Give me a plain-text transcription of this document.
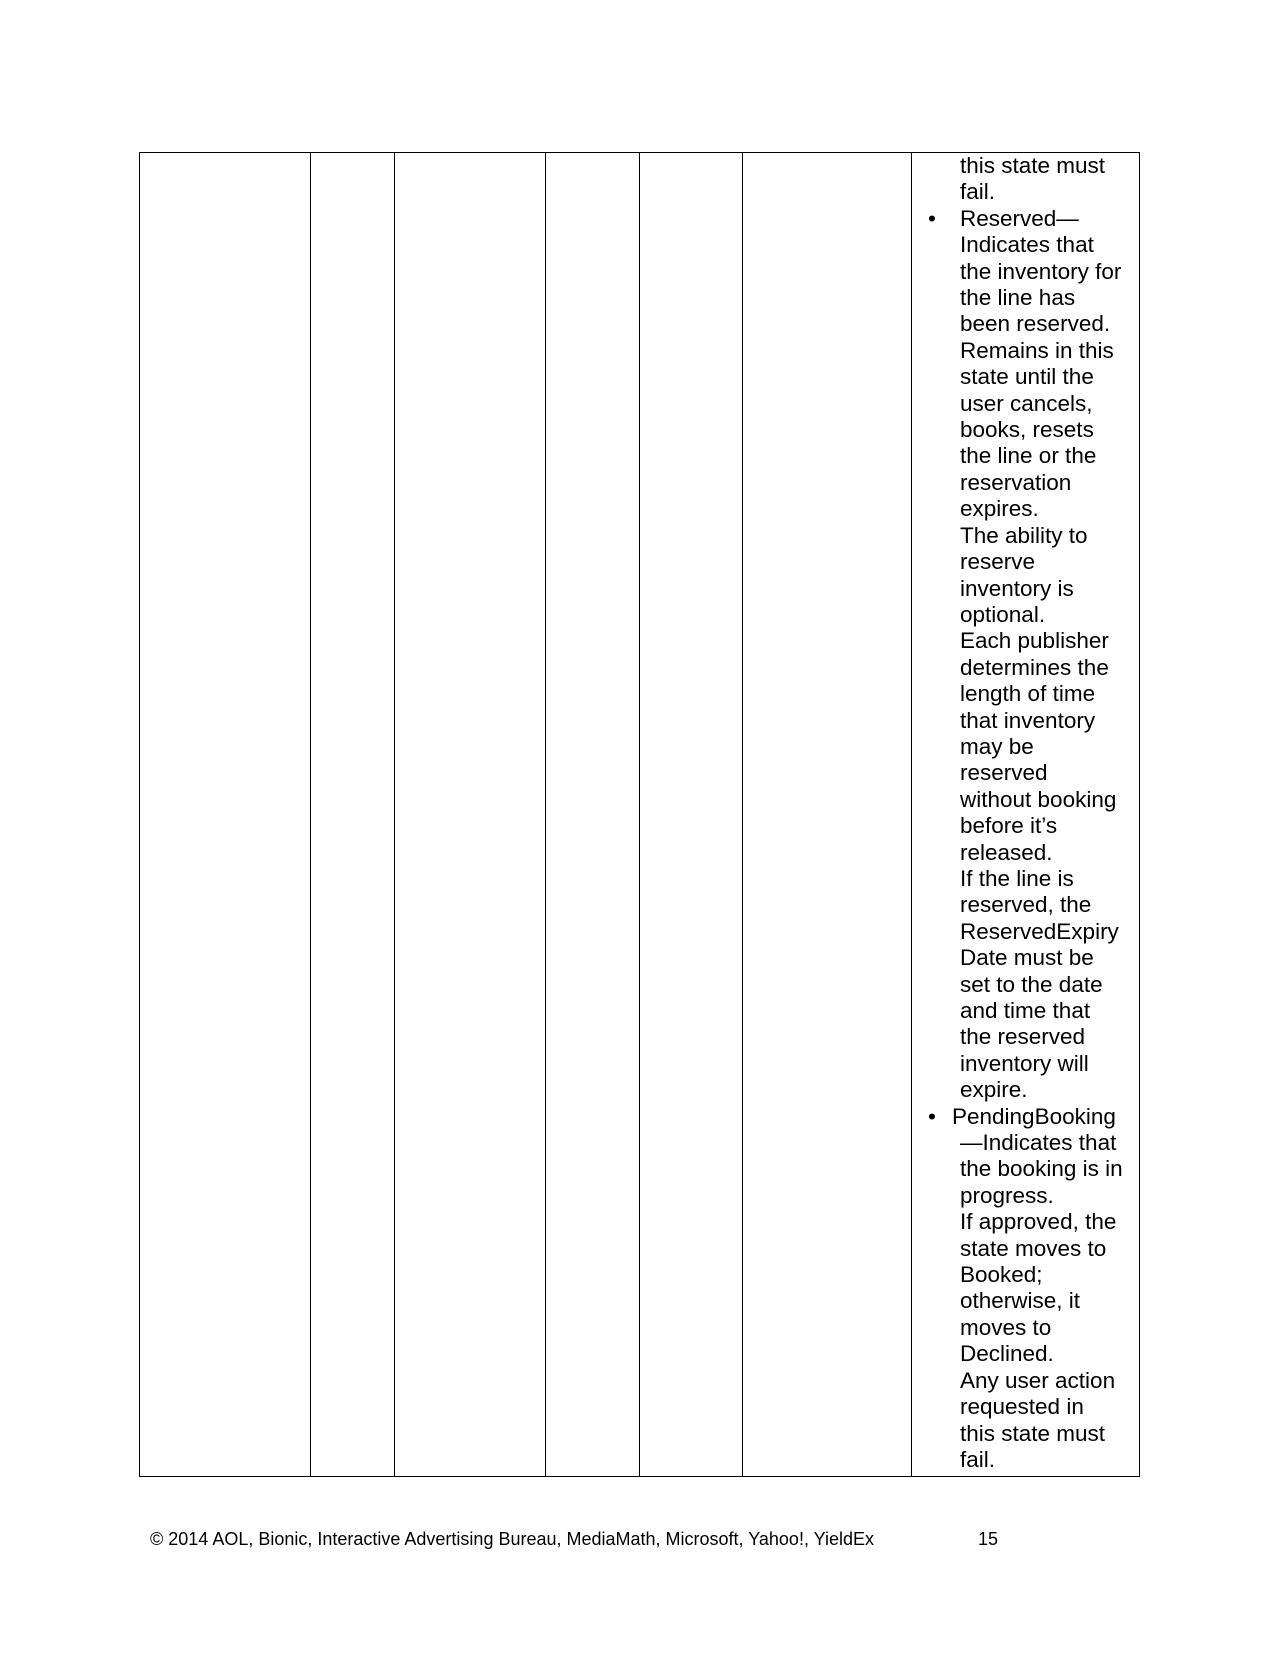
this state must
fail.
• Reserved—
Indicates that
the inventory for
the line has
been reserved.
Remains in this
state until the
user cancels,
books, resets
the line or the
reservation
expires.
The ability to
reserve
inventory is
optional.
Each publisher
determines the
length of time
that inventory
may be
reserved
without booking
before it’s
released.
If the line is
reserved, the
ReservedExpiry
Date must be
set to the date
and time that
the reserved
inventory will
expire.
• PendingBooking
—Indicates that
the booking is in
progress.
If approved, the
state moves to
Booked;
otherwise, it
moves to
Declined.
Any user action
requested in
this state must
fail.
© 2014 AOL, Bionic, Interactive Advertising Bureau, MediaMath, Microsoft, Yahoo!, YieldEx	15
